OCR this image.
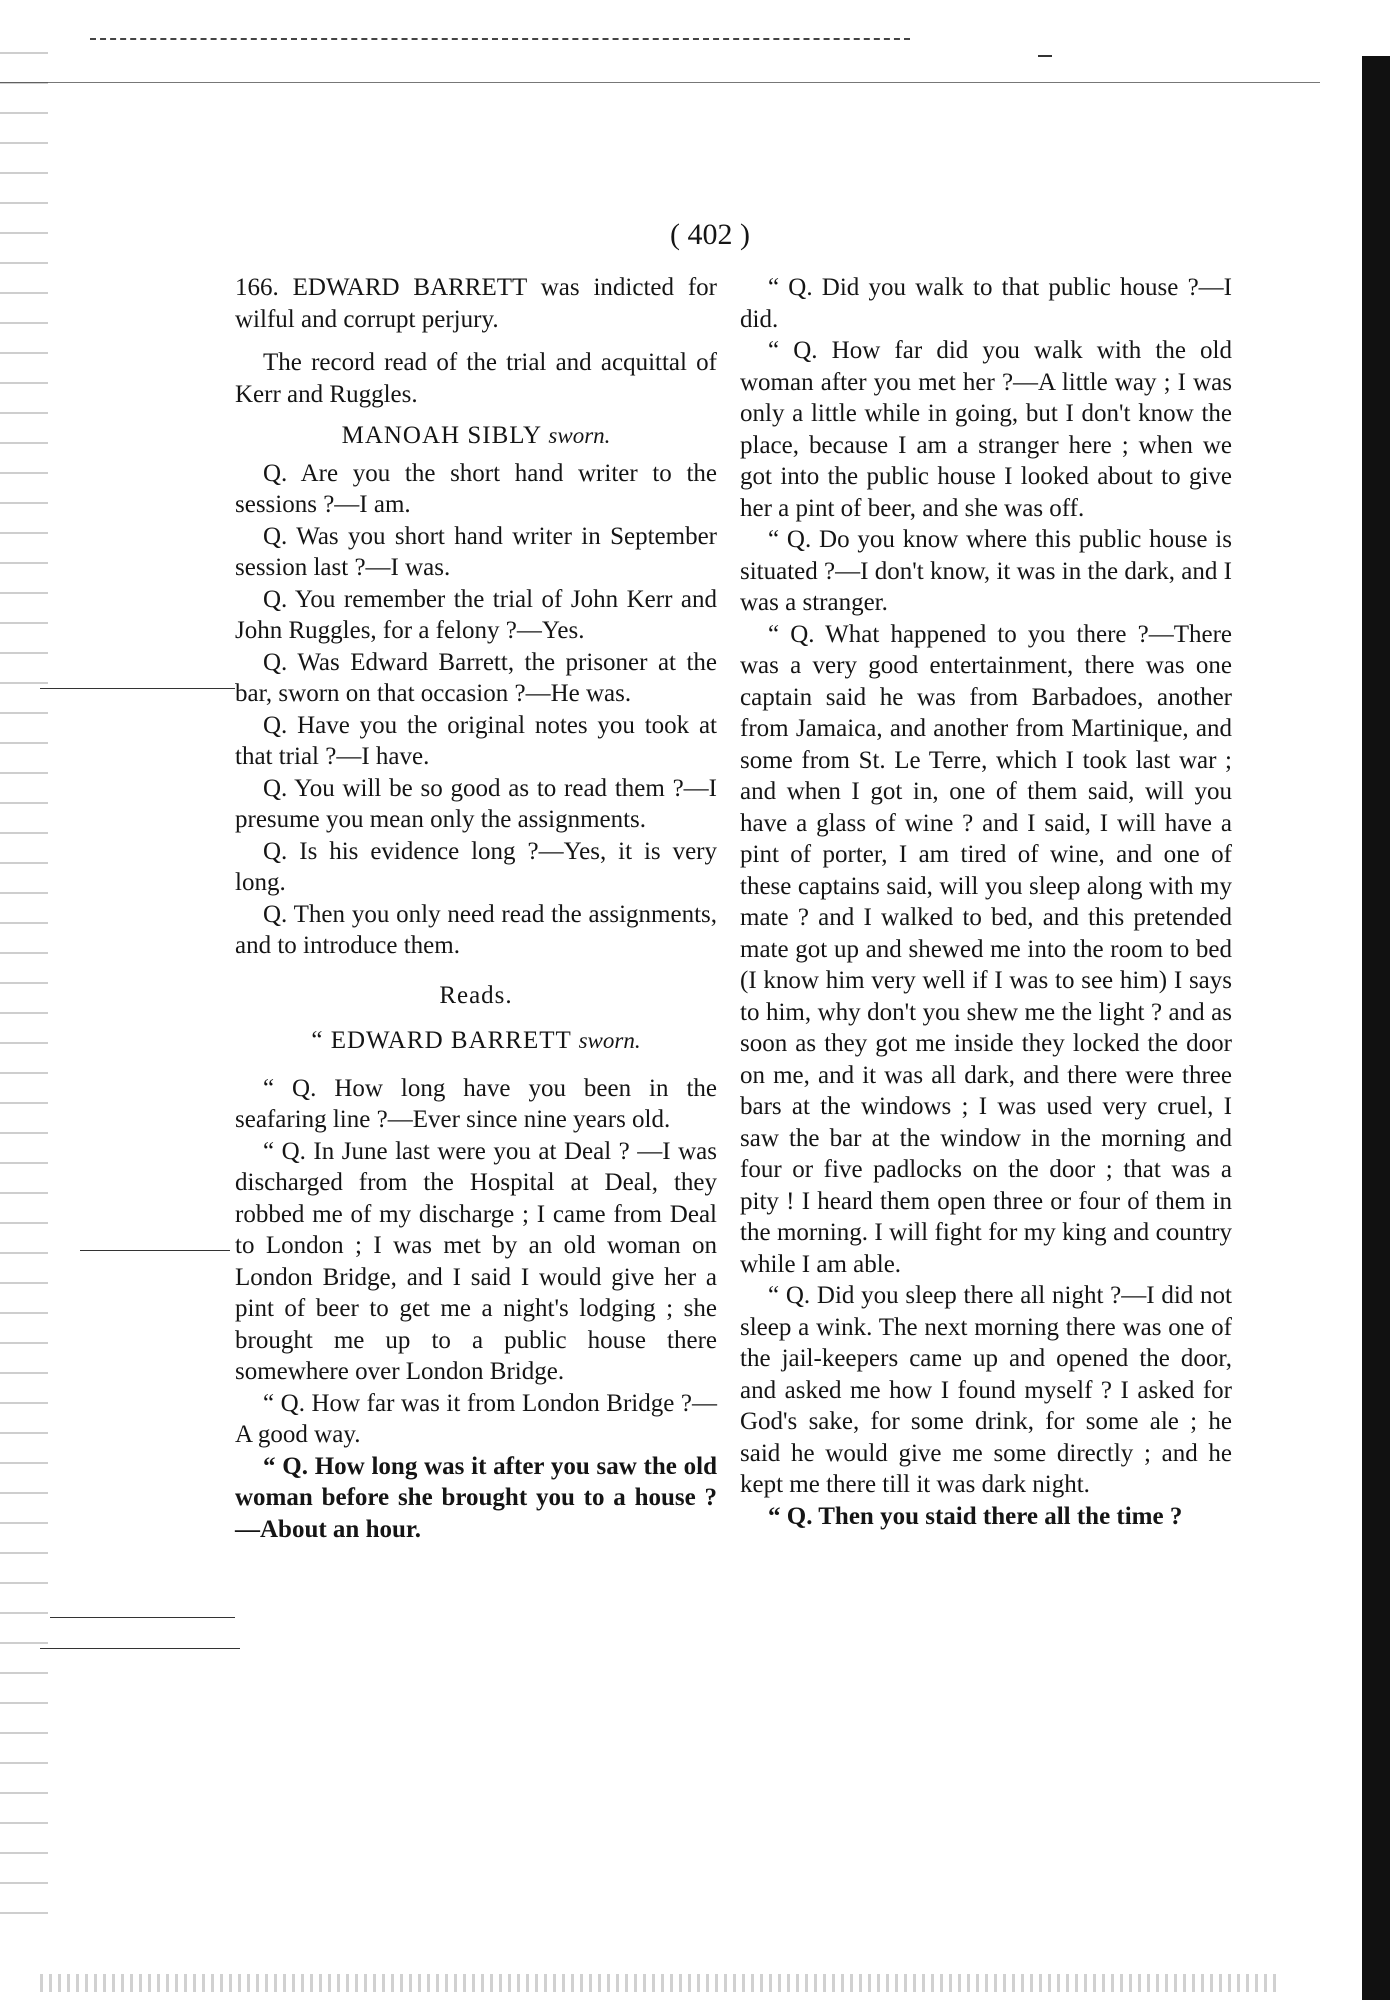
( 402 )

166. EDWARD BARRETT was indicted for wilful and corrupt perjury.

The record read of the trial and acquittal of Kerr and Ruggles.

MANOAH SIBLY sworn.

Q. Are you the short hand writer to the sessions ?—I am.

Q. Was you short hand writer in September session last ?—I was.

Q. You remember the trial of John Kerr and John Ruggles, for a felony ?—Yes.

Q. Was Edward Barrett, the prisoner at the bar, sworn on that occasion ?—He was.

Q. Have you the original notes you took at that trial ?—I have.

Q. You will be so good as to read them ?—I presume you mean only the assignments.

Q. Is his evidence long ?—Yes, it is very long.

Q. Then you only need read the assignments, and to introduce them.

Reads.

“ EDWARD BARRETT sworn.

“ Q. How long have you been in the seafaring line ?—Ever since nine years old.

“ Q. In June last were you at Deal ? —I was discharged from the Hospital at Deal, they robbed me of my discharge ; I came from Deal to London ; I was met by an old woman on London Bridge, and I said I would give her a pint of beer to get me a night's lodging ; she brought me up to a public house there somewhere over London Bridge.

“ Q. How far was it from London Bridge ?—A good way.

“ Q. How long was it after you saw the old woman before she brought you to a house ?—About an hour.

“ Q. Did you walk to that public house ?—I did.

“ Q. How far did you walk with the old woman after you met her ?—A little way ; I was only a little while in going, but I don't know the place, because I am a stranger here ; when we got into the public house I looked about to give her a pint of beer, and she was off.

“ Q. Do you know where this public house is situated ?—I don't know, it was in the dark, and I was a stranger.

“ Q. What happened to you there ?—There was a very good entertainment, there was one captain said he was from Barbadoes, another from Jamaica, and another from Martinique, and some from St. Le Terre, which I took last war ; and when I got in, one of them said, will you have a glass of wine ? and I said, I will have a pint of porter, I am tired of wine, and one of these captains said, will you sleep along with my mate ? and I walked to bed, and this pretended mate got up and shewed me into the room to bed (I know him very well if I was to see him) I says to him, why don't you shew me the light ? and as soon as they got me inside they locked the door on me, and it was all dark, and there were three bars at the windows ; I was used very cruel, I saw the bar at the window in the morning and four or five padlocks on the door ; that was a pity ! I heard them open three or four of them in the morning. I will fight for my king and country while I am able.

“ Q. Did you sleep there all night ?—I did not sleep a wink. The next morning there was one of the jail-keepers came up and opened the door, and asked me how I found myself ? I asked for God's sake, for some drink, for some ale ; he said he would give me some directly ; and he kept me there till it was dark night.

“ Q. Then you staid there all the time ?
